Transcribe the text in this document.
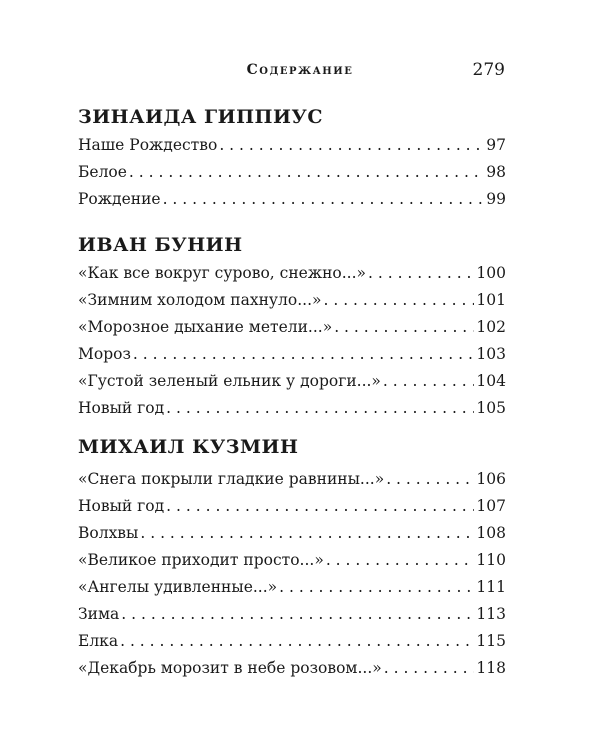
Содержание	279
ЗИНАИДА ГИППИУС
Наше Рождество . . .	97
Белое . . .	98
Рождение . . .	99
ИВАН БУНИН
«Как все вокруг сурово, снежно...» . . .	100
«Зимним холодом пахнуло...» . . .	101
«Морозное дыхание метели...» . . .	102
Мороз . . .	103
«Густой зеленый ельник у дороги...» . . .	104
Новый год . . .	105
МИХАИЛ КУЗМИН
«Снега покрыли гладкие равнины...» . . .	106
Новый год . . .	107
Волхвы . . .	108
«Великое приходит просто...» . . .	110
«Ангелы удивленные...» . . .	111
Зима . . .	113
Елка . . .	115
«Декабрь морозит в небе розовом...» . . .	118
